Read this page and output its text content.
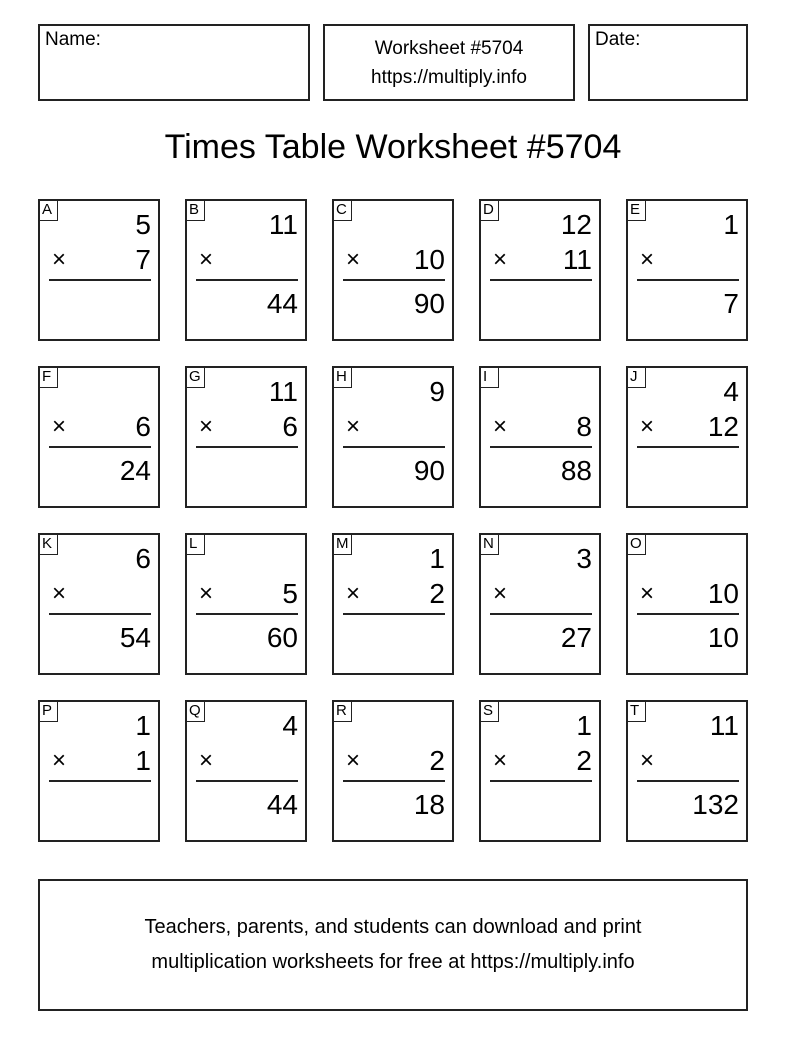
Name:	Worksheet #5704
https://multiply.info
Date:
Times Table Worksheet #5704
A	5
× 7
B 11
×
44
C
× 10
90
D 12
× 11
E	1
×
7
F
× 6
24
G 11
× 6
H	9
×
90
I
× 8
88
J	4
× 12
K	6
×
54
L
× 5
60
M	1
× 2
N	3
×
27
O
× 10
10
P	1
× 1
Q	4
×
44
R
× 2
18
S	1
× 2
T	11
×
132
Teachers, parents, and students can download and print
multiplication worksheets for free at https://multiply.info
